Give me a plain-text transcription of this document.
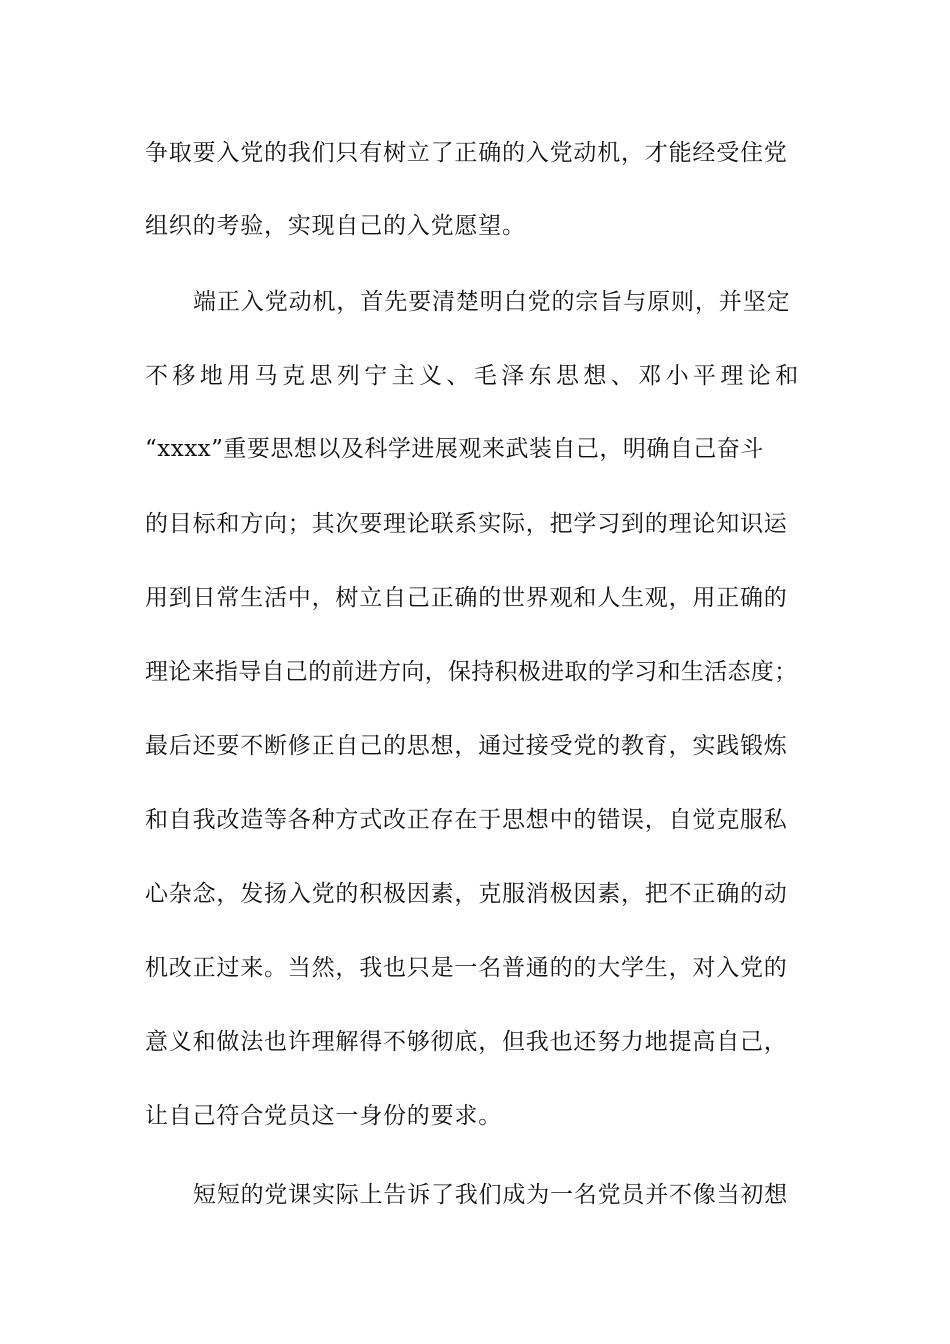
争取要入党的我们只有树立了正确的入党动机，才能经受住党
组织的考验，实现自己的入党愿望。
端正入党动机，首先要清楚明白党的宗旨与原则，并坚定
不移地用马克思列宁主义、毛泽东思想、邓小平理论和
“xxxx”重要思想以及科学进展观来武装自己，明确自己奋斗
的目标和方向；其次要理论联系实际，把学习到的理论知识运
用到日常生活中，树立自己正确的世界观和人生观，用正确的
理论来指导自己的前进方向，保持积极进取的学习和生活态度；
最后还要不断修正自己的思想，通过接受党的教育，实践锻炼
和自我改造等各种方式改正存在于思想中的错误，自觉克服私
心杂念，发扬入党的积极因素，克服消极因素，把不正确的动
机改正过来。当然，我也只是一名普通的的大学生，对入党的
意义和做法也许理解得不够彻底，但我也还努力地提高自己，
让自己符合党员这一身份的要求。
短短的党课实际上告诉了我们成为一名党员并不像当初想
